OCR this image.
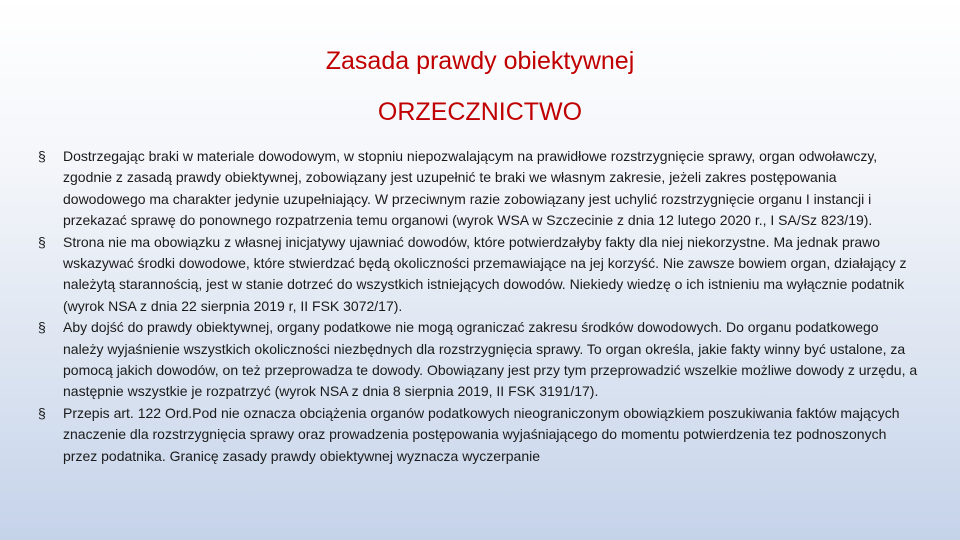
Zasada prawdy obiektywnej
ORZECZNICTWO
§ Dostrzegając braki w materiale dowodowym, w stopniu niepozwalającym na prawidłowe rozstrzygnięcie sprawy, organ odwoławczy, zgodnie z zasadą prawdy obiektywnej, zobowiązany jest uzupełnić te braki we własnym zakresie, jeżeli zakres postępowania dowodowego ma charakter jedynie uzupełniający. W przeciwnym razie zobowiązany jest uchylić rozstrzygnięcie organu I instancji i przekazać sprawę do ponownego rozpatrzenia temu organowi (wyrok WSA w Szczecinie z dnia 12 lutego 2020 r., I SA/Sz 823/19).
§ Strona nie ma obowiązku z własnej inicjatywy ujawniać dowodów, które potwierdzałyby fakty dla niej niekorzystne. Ma jednak prawo wskazywać środki dowodowe, które stwierdzać będą okoliczności przemawiające na jej korzyść. Nie zawsze bowiem organ, działający z należytą starannością, jest w stanie dotrzeć do wszystkich istniejących dowodów. Niekiedy wiedzę o ich istnieniu ma wyłącznie podatnik (wyrok NSA z dnia 22 sierpnia 2019 r, II FSK 3072/17).
§ Aby dojść do prawdy obiektywnej, organy podatkowe nie mogą ograniczać zakresu środków dowodowych. Do organu podatkowego należy wyjaśnienie wszystkich okoliczności niezbędnych dla rozstrzygnięcia sprawy. To organ określa, jakie fakty winny być ustalone, za pomocą jakich dowodów, on też przeprowadza te dowody. Obowiązany jest przy tym przeprowadzić wszelkie możliwe dowody z urzędu, a następnie wszystkie je rozpatrzyć (wyrok NSA z dnia 8 sierpnia 2019, II FSK 3191/17).
§ Przepis art. 122 Ord.Pod nie oznacza obciążenia organów podatkowych nieograniczonym obowiązkiem poszukiwania faktów mających znaczenie dla rozstrzygnięcia sprawy oraz prowadzenia postępowania wyjaśniającego do momentu potwierdzenia tez podnoszonych przez podatnika. Granicę zasady prawdy obiektywnej wyznacza wyczerpanie
